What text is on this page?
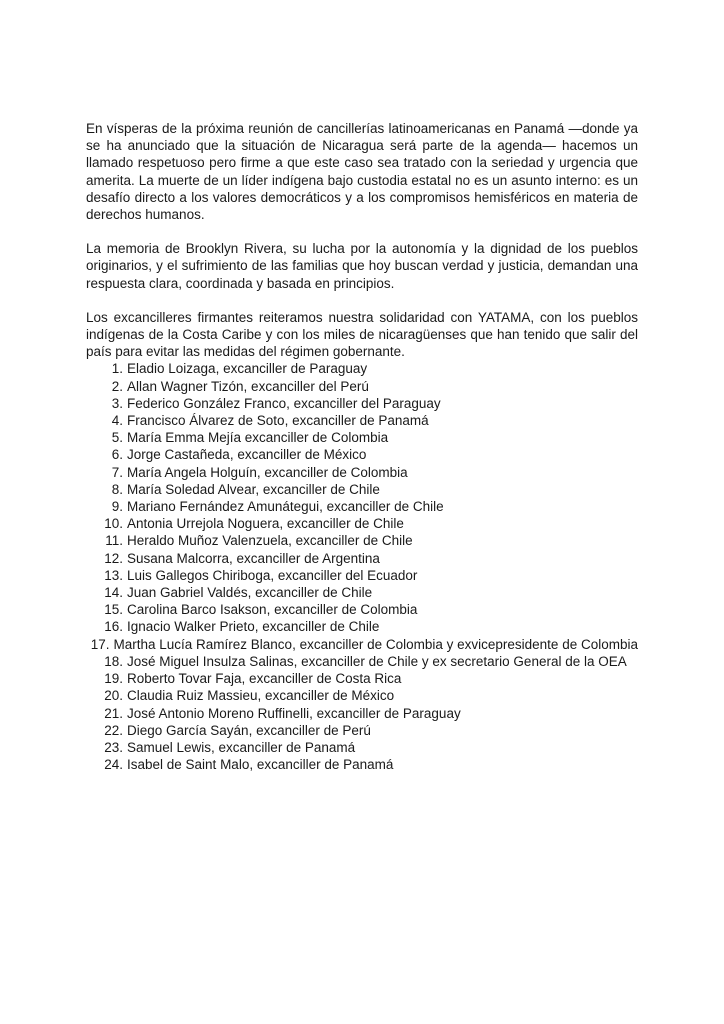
En vísperas de la próxima reunión de cancillerías latinoamericanas en Panamá —donde ya se ha anunciado que la situación de Nicaragua será parte de la agenda— hacemos un llamado respetuoso pero firme a que este caso sea tratado con la seriedad y urgencia que amerita. La muerte de un líder indígena bajo custodia estatal no es un asunto interno: es un desafío directo a los valores democráticos y a los compromisos hemisféricos en materia de derechos humanos.

La memoria de Brooklyn Rivera, su lucha por la autonomía y la dignidad de los pueblos originarios, y el sufrimiento de las familias que hoy buscan verdad y justicia, demandan una respuesta clara, coordinada y basada en principios.

Los excancilleres firmantes reiteramos nuestra solidaridad con YATAMA, con los pueblos indígenas de la Costa Caribe y con los miles de nicaragüenses que han tenido que salir del país para evitar las medidas del régimen gobernante.

1. Eladio Loizaga, excanciller de Paraguay
2. Allan Wagner Tizón, excanciller del Perú
3. Federico González Franco, excanciller del Paraguay
4. Francisco Álvarez de Soto, excanciller de Panamá
5. María Emma Mejía excanciller de Colombia
6. Jorge Castañeda, excanciller de México
7. María Angela Holguín, excanciller de Colombia
8. María Soledad Alvear, excanciller de Chile
9. Mariano Fernández Amunátegui, excanciller de Chile
10. Antonia Urrejola Noguera, excanciller de Chile
11. Heraldo Muñoz Valenzuela, excanciller de Chile
12. Susana Malcorra, excanciller de Argentina
13. Luis Gallegos Chiriboga, excanciller del Ecuador
14. Juan Gabriel Valdés, excanciller de Chile
15. Carolina Barco Isakson, excanciller de Colombia
16. Ignacio Walker Prieto, excanciller de Chile
17. Martha Lucía Ramírez Blanco, excanciller de Colombia y exvicepresidente de Colombia
18. José Miguel Insulza Salinas, excanciller de Chile y ex secretario General de la OEA
19. Roberto Tovar Faja, excanciller de Costa Rica
20. Claudia Ruiz Massieu, excanciller de México
21. José Antonio Moreno Ruffinelli, excanciller de Paraguay
22. Diego García Sayán, excanciller de Perú
23. Samuel Lewis, excanciller de Panamá
24. Isabel de Saint Malo, excanciller de Panamá
